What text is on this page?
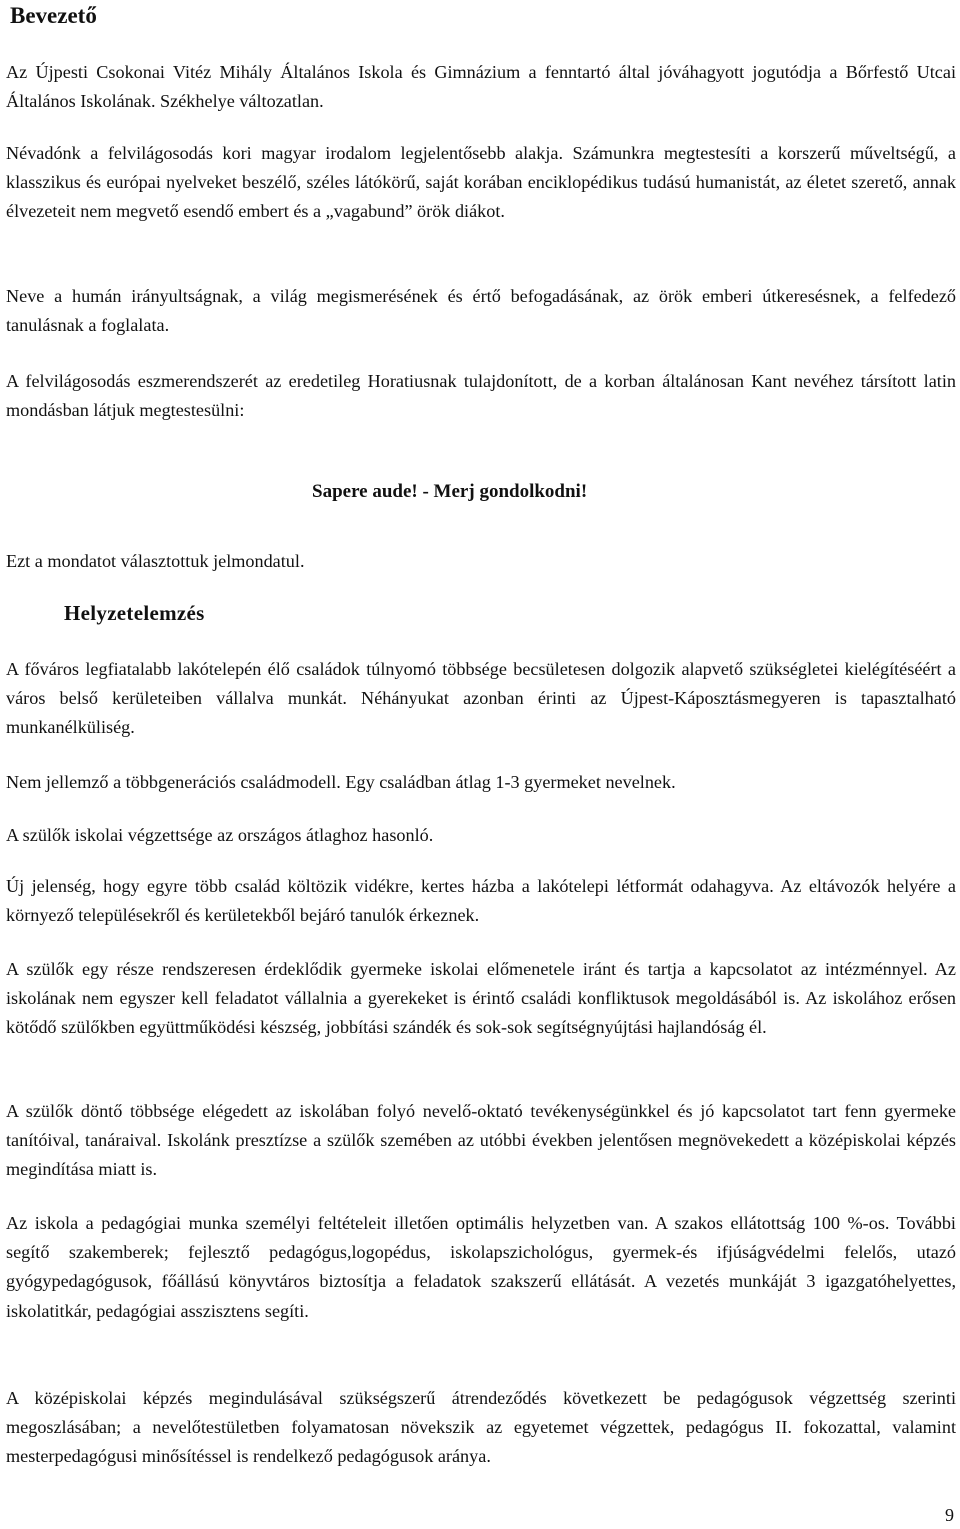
Bevezető

Az Újpesti Csokonai Vitéz Mihály Általános Iskola és Gimnázium a fenntartó által jóváhagyott jogutódja a Bőrfestő Utcai Általános Iskolának. Székhelye változatlan.

Névadónk a felvilágosodás kori magyar irodalom legjelentősebb alakja. Számunkra megtestesíti a korszerű műveltségű, a klasszikus és európai nyelveket beszélő, széles látókörű, saját korában enciklopédikus tudású humanistát, az életet szerető, annak élvezeteit nem megvető esendő embert és a „vagabund” örök diákot.

Neve a humán irányultságnak, a világ megismerésének és értő befogadásának, az örök emberi útkeresésnek, a felfedező tanulásnak a foglalata.

A felvilágosodás eszmerendszerét az eredetileg Horatiusnak tulajdonított, de a korban általánosan Kant nevéhez társított latin mondásban látjuk megtestesülni:

Sapere aude! - Merj gondolkodni!

Ezt a mondatot választottuk jelmondatul.

Helyzetelemzés

A főváros legfiatalabb lakótelepén élő családok túlnyomó többsége becsületesen dolgozik alapvető szükségletei kielégítéséért a város belső kerületeiben vállalva munkát. Néhányukat azonban érinti az Újpest-Káposztásmegyeren is tapasztalható munkanélküliség.

Nem jellemző a többgenerációs családmodell. Egy családban átlag 1-3 gyermeket nevelnek.

A szülők iskolai végzettsége az országos átlaghoz hasonló.

Új jelenség, hogy egyre több család költözik vidékre, kertes házba a lakótelepi létformát odahagyva. Az eltávozók helyére a környező településekről és kerületekből bejáró tanulók érkeznek.

A szülők egy része rendszeresen érdeklődik gyermeke iskolai előmenetele iránt és tartja a kapcsolatot az intézménnyel. Az iskolának nem egyszer kell feladatot vállalnia a gyerekeket is érintő családi konfliktusok megoldásából is. Az iskolához erősen kötődő szülőkben együttműködési készség, jobbítási szándék és sok-sok segítségnyújtási hajlandóság él.

A szülők döntő többsége elégedett az iskolában folyó nevelő-oktató tevékenységünkkel és jó kapcsolatot tart fenn gyermeke tanítóival, tanáraival. Iskolánk presztízse a szülők szemében az utóbbi években jelentősen megnövekedett a középiskolai képzés megindítása miatt is.

Az iskola a pedagógiai munka személyi feltételeit illetően optimális helyzetben van. A szakos ellátottság 100 %-os. További segítő szakemberek; fejlesztő pedagógus,logopédus, iskolapszichológus, gyermek-és ifjúságvédelmi felelős, utazó gyógypedagógusok, főállású könyvtáros biztosítja a feladatok szakszerű ellátását. A vezetés munkáját 3 igazgatóhelyettes, iskolatitkár, pedagógiai asszisztens segíti.

A középiskolai képzés megindulásával szükségszerű átrendeződés következett be pedagógusok végzettség szerinti megoszlásában; a nevelőtestületben folyamatosan növekszik az egyetemet végzettek, pedagógus II. fokozattal, valamint mesterpedagógusi minősítéssel is rendelkező pedagógusok aránya.

9
